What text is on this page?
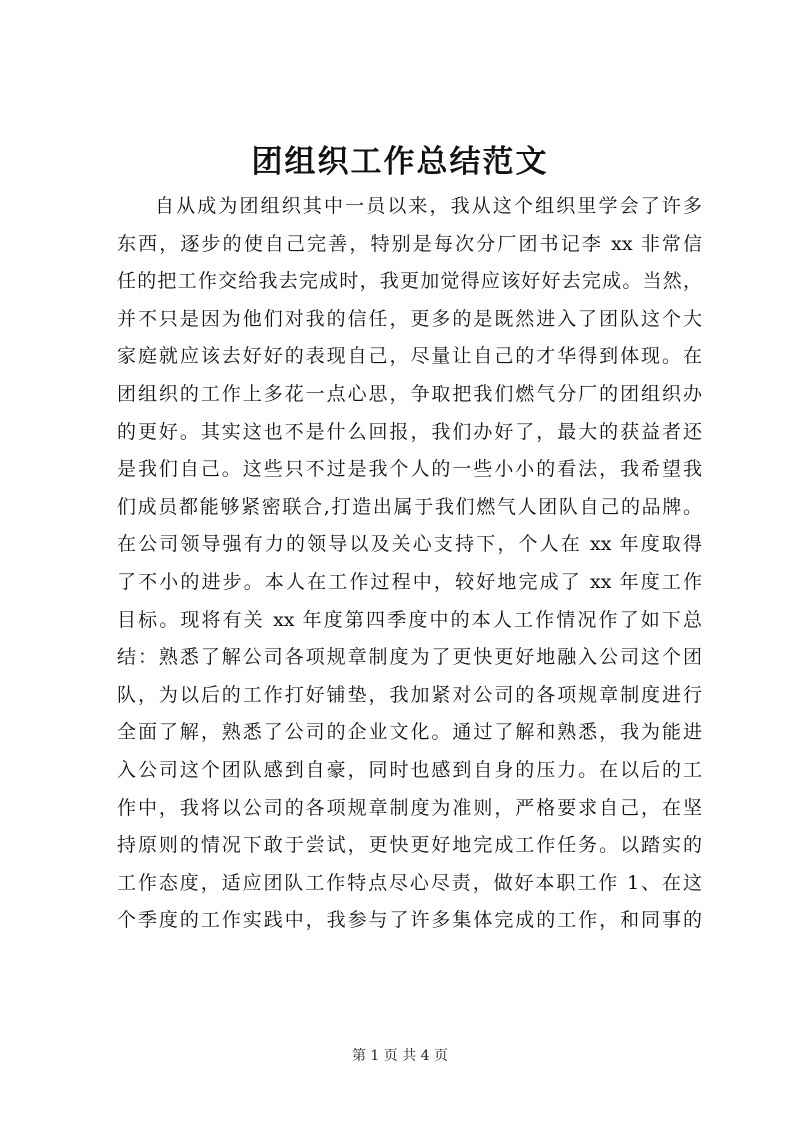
团组织工作总结范文
自从成为团组织其中一员以来，我从这个组织里学会了许多
东西，逐步的使自己完善，特别是每次分厂团书记李 xx 非常信
任的把工作交给我去完成时，我更加觉得应该好好去完成。当然，
并不只是因为他们对我的信任，更多的是既然进入了团队这个大
家庭就应该去好好的表现自己，尽量让自己的才华得到体现。在
团组织的工作上多花一点心思，争取把我们燃气分厂的团组织办
的更好。其实这也不是什么回报，我们办好了，最大的获益者还
是我们自己。这些只不过是我个人的一些小小的看法，我希望我
们成员都能够紧密联合,打造出属于我们燃气人团队自己的品牌。
在公司领导强有力的领导以及关心支持下，个人在 xx 年度取得
了不小的进步。本人在工作过程中，较好地完成了 xx 年度工作
目标。现将有关 xx 年度第四季度中的本人工作情况作了如下总
结：熟悉了解公司各项规章制度为了更快更好地融入公司这个团
队，为以后的工作打好铺垫，我加紧对公司的各项规章制度进行
全面了解，熟悉了公司的企业文化。通过了解和熟悉，我为能进
入公司这个团队感到自豪，同时也感到自身的压力。在以后的工
作中，我将以公司的各项规章制度为准则，严格要求自己，在坚
持原则的情况下敢于尝试，更快更好地完成工作任务。以踏实的
工作态度，适应团队工作特点尽心尽责，做好本职工作 1、在这
个季度的工作实践中，我参与了许多集体完成的工作，和同事的
第 1 页 共 4 页
